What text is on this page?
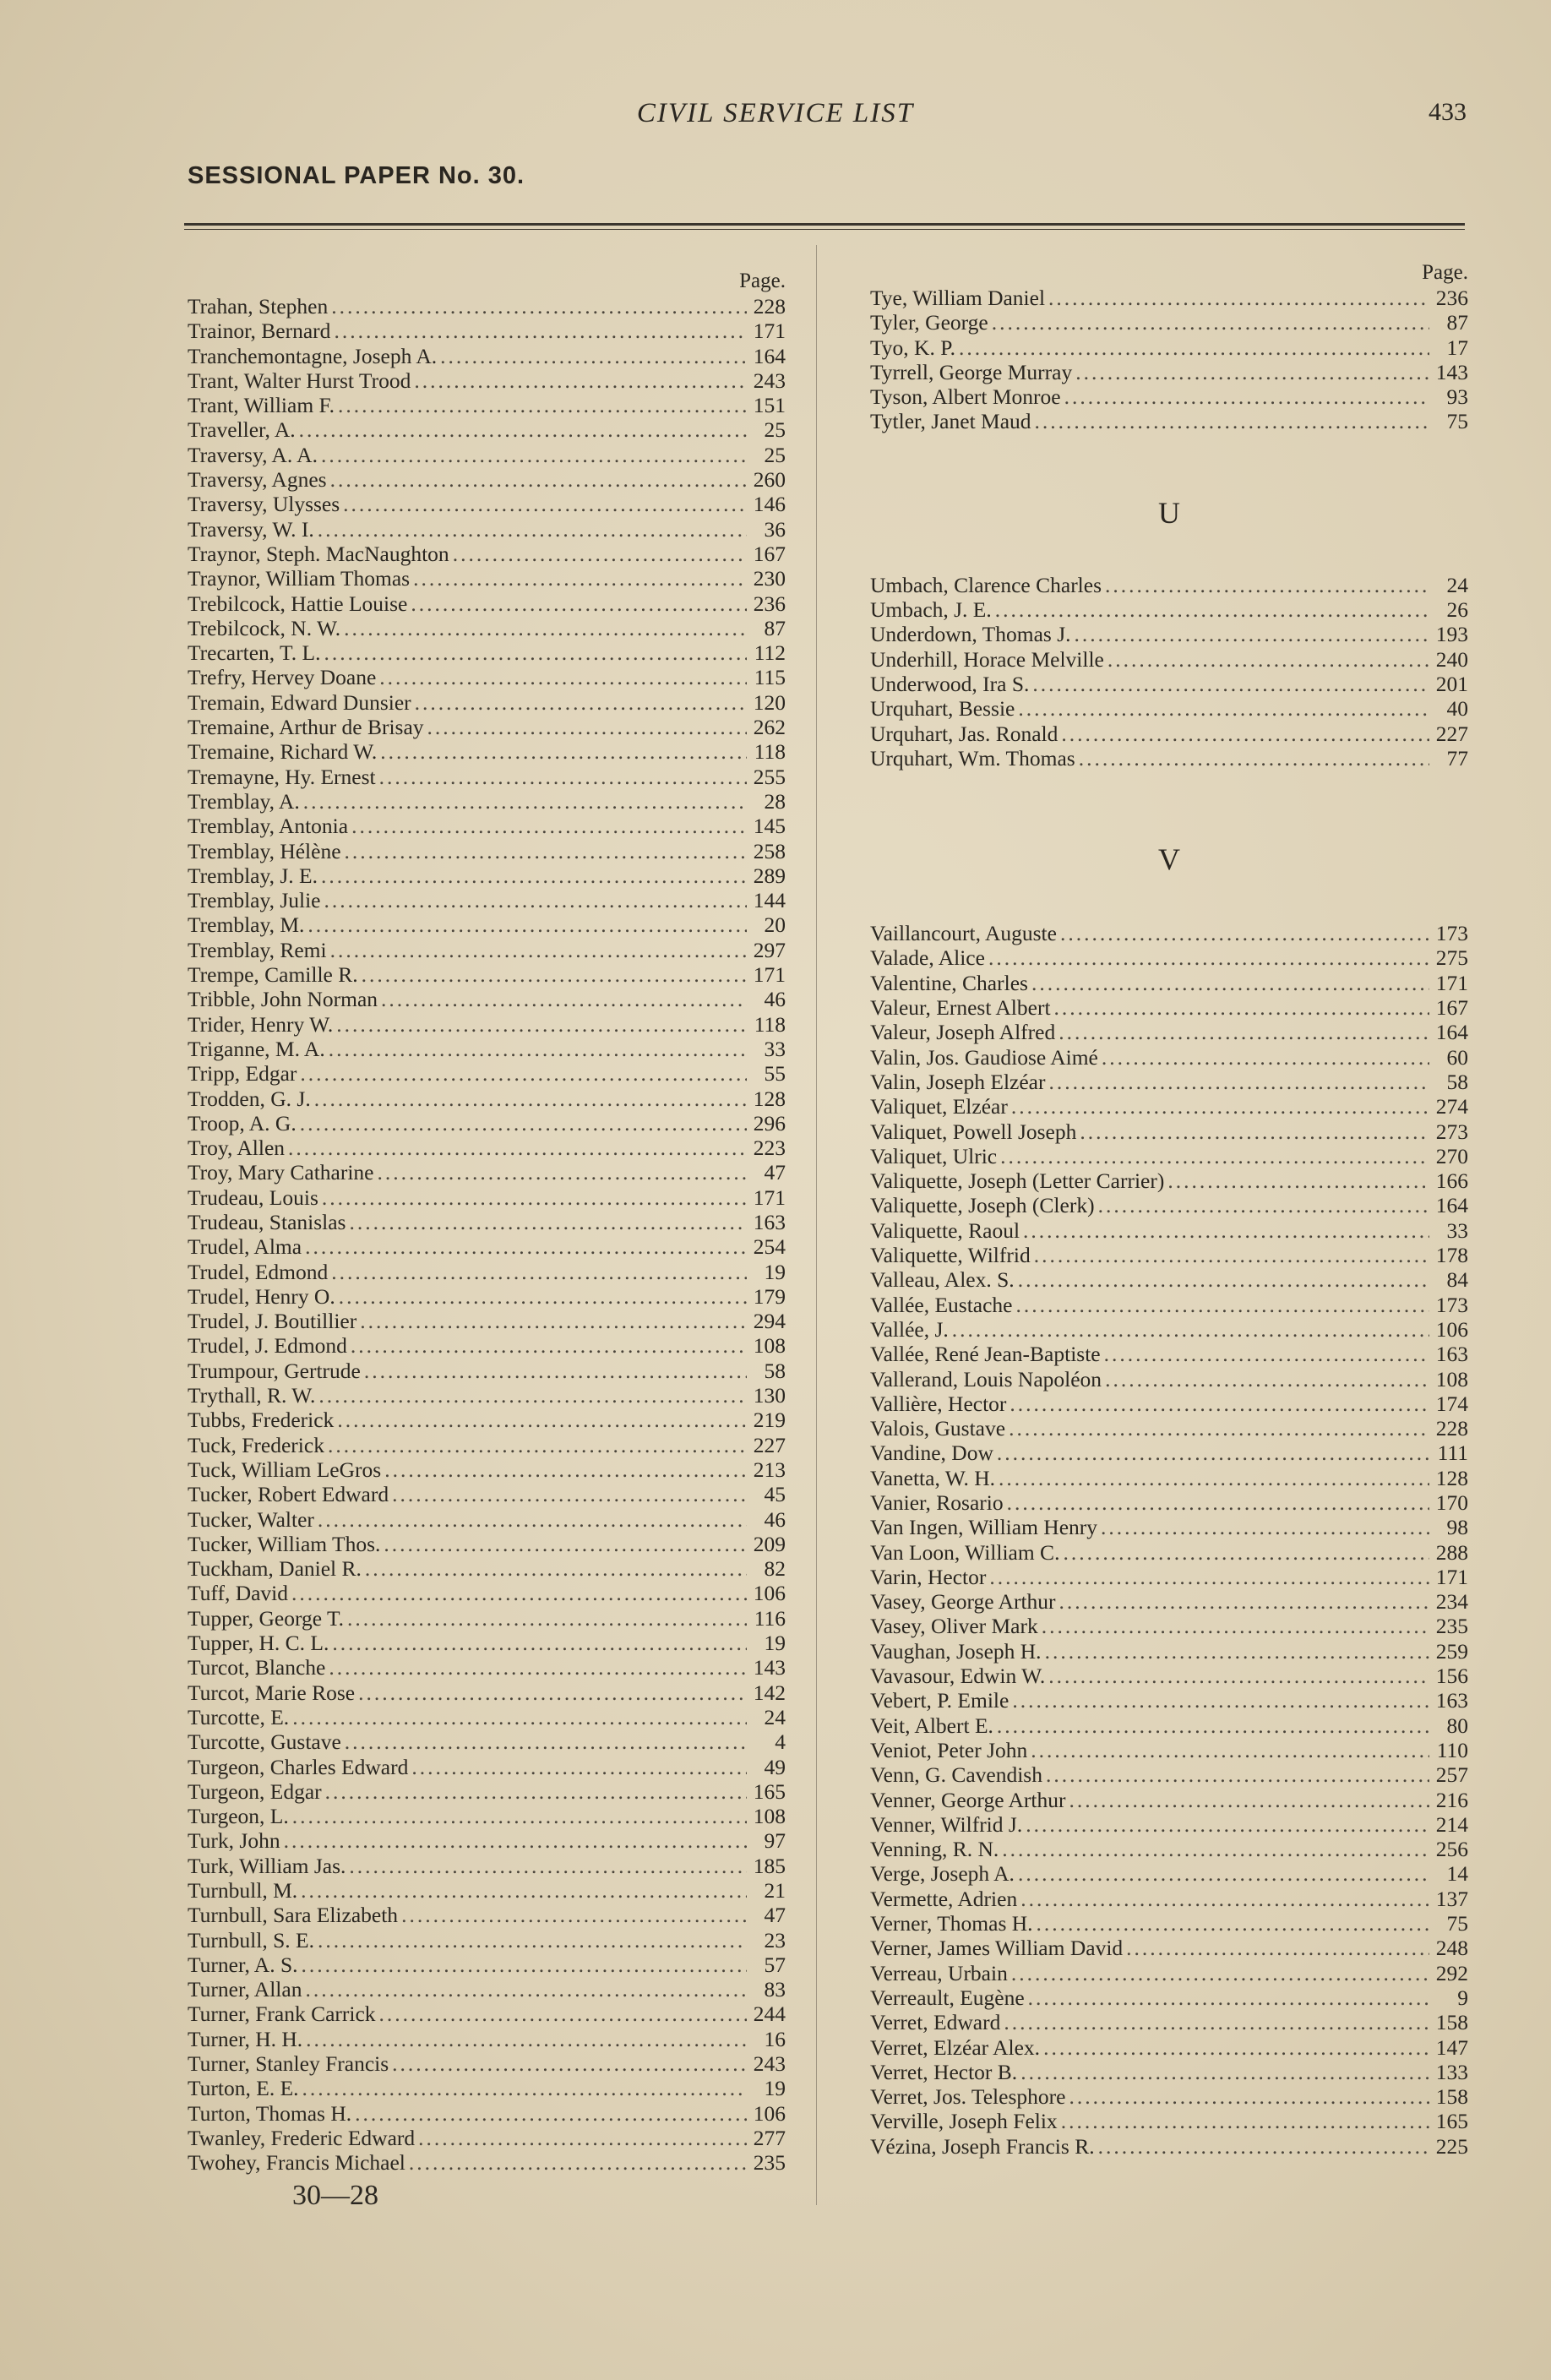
CIVIL SERVICE LIST	433
SESSIONAL PAPER No. 30.
Page.
Trahan, Stephen .....	228
Trainor, Bernard .....	171
Tranchemontagne, Joseph A. .....	164
Trant, Walter Hurst Trood .....	243
Trant, William F. .....	151
Traveller, A. .....	25
Traversy, A. A. .....	25
Traversy, Agnes .....	260
Traversy, Ulysses .....	146
Traversy, W. I. .....	36
Traynor, Steph. MacNaughton .....	167
Traynor, William Thomas .....	230
Trebilcock, Hattie Louise .....	236
Trebilcock, N. W. .....	87
Trecarten, T. L. .....	112
Trefry, Hervey Doane .....	115
Tremain, Edward Dunsier .....	120
Tremaine, Arthur de Brisay .....	262
Tremaine, Richard W. .....	118
Tremayne, Hy. Ernest .....	255
Tremblay, A. .....	28
Tremblay, Antonia .....	145
Tremblay, Hélène .....	258
Tremblay, J. E. .....	289
Tremblay, Julie .....	144
Tremblay, M. .....	20
Tremblay, Remi .....	297
Trempe, Camille R. .....	171
Tribble, John Norman .....	46
Trider, Henry W. .....	118
Triganne, M. A. .....	33
Tripp, Edgar .....	55
Trodden, G. J. .....	128
Troop, A. G. .....	296
Troy, Allen .....	223
Troy, Mary Catharine .....	47
Trudeau, Louis .....	171
Trudeau, Stanislas .....	163
Trudel, Alma .....	254
Trudel, Edmond .....	19
Trudel, Henry O. .....	179
Trudel, J. Boutillier .....	294
Trudel, J. Edmond .....	108
Trumpour, Gertrude .....	58
Trythall, R. W. .....	130
Tubbs, Frederick .....	219
Tuck, Frederick .....	227
Tuck, William LeGros .....	213
Tucker, Robert Edward .....	45
Tucker, Walter .....	46
Tucker, William Thos. .....	209
Tuckham, Daniel R. .....	82
Tuff, David .....	106
Tupper, George T. .....	116
Tupper, H. C. L. .....	19
Turcot, Blanche .....	143
Turcot, Marie Rose .....	142
Turcotte, E. .....	24
Turcotte, Gustave .....	4
Turgeon, Charles Edward .....	49
Turgeon, Edgar .....	165
Turgeon, L. .....	108
Turk, John .....	97
Turk, William Jas. .....	185
Turnbull, M. .....	21
Turnbull, Sara Elizabeth .....	47
Turnbull, S. E. .....	23
Turner, A. S. .....	57
Turner, Allan .....	83
Turner, Frank Carrick .....	244
Turner, H. H. .....	16
Turner, Stanley Francis .....	243
Turton, E. E. .....	19
Turton, Thomas H. .....	106
Twanley, Frederic Edward .....	277
Twohey, Francis Michael .....	235
Page.
Tye, William Daniel .....	236
Tyler, George .....	87
Tyo, K. P. .....	17
Tyrrell, George Murray .....	143
Tyson, Albert Monroe .....	93
Tytler, Janet Maud .....	75
U
Umbach, Clarence Charles .....	24
Umbach, J. E. .....	26
Underdown, Thomas J. .....	193
Underhill, Horace Melville .....	240
Underwood, Ira S. .....	201
Urquhart, Bessie .....	40
Urquhart, Jas. Ronald .....	227
Urquhart, Wm. Thomas .....	77
V
Vaillancourt, Auguste .....	173
Valade, Alice .....	275
Valentine, Charles .....	171
Valeur, Ernest Albert .....	167
Valeur, Joseph Alfred .....	164
Valin, Jos. Gaudiose Aimé .....	60
Valin, Joseph Elzéar .....	58
Valiquet, Elzéar .....	274
Valiquet, Powell Joseph .....	273
Valiquet, Ulric .....	270
Valiquette, Joseph (Letter Carrier) .....	166
Valiquette, Joseph (Clerk) .....	164
Valiquette, Raoul .....	33
Valiquette, Wilfrid .....	178
Valleau, Alex. S. .....	84
Vallée, Eustache .....	173
Vallée, J. .....	106
Vallée, René Jean-Baptiste .....	163
Vallerand, Louis Napoléon .....	108
Vallière, Hector .....	174
Valois, Gustave .....	228
Vandine, Dow .....	111
Vanetta, W. H. .....	128
Vanier, Rosario .....	170
Van Ingen, William Henry .....	98
Van Loon, William C. .....	288
Varin, Hector .....	171
Vasey, George Arthur .....	234
Vasey, Oliver Mark .....	235
Vaughan, Joseph H. .....	259
Vavasour, Edwin W. .....	156
Vebert, P. Emile .....	163
Veit, Albert E. .....	80
Veniot, Peter John .....	110
Venn, G. Cavendish .....	257
Venner, George Arthur .....	216
Venner, Wilfrid J. .....	214
Venning, R. N. .....	256
Verge, Joseph A. .....	14
Vermette, Adrien .....	137
Verner, Thomas H. .....	75
Verner, James William David .....	248
Verreau, Urbain .....	292
Verreault, Eugène .....	9
Verret, Edward .....	158
Verret, Elzéar Alex. .....	147
Verret, Hector B. .....	133
Verret, Jos. Telesphore .....	158
Verville, Joseph Felix .....	165
Vézina, Joseph Francis R. .....	225
30—28
